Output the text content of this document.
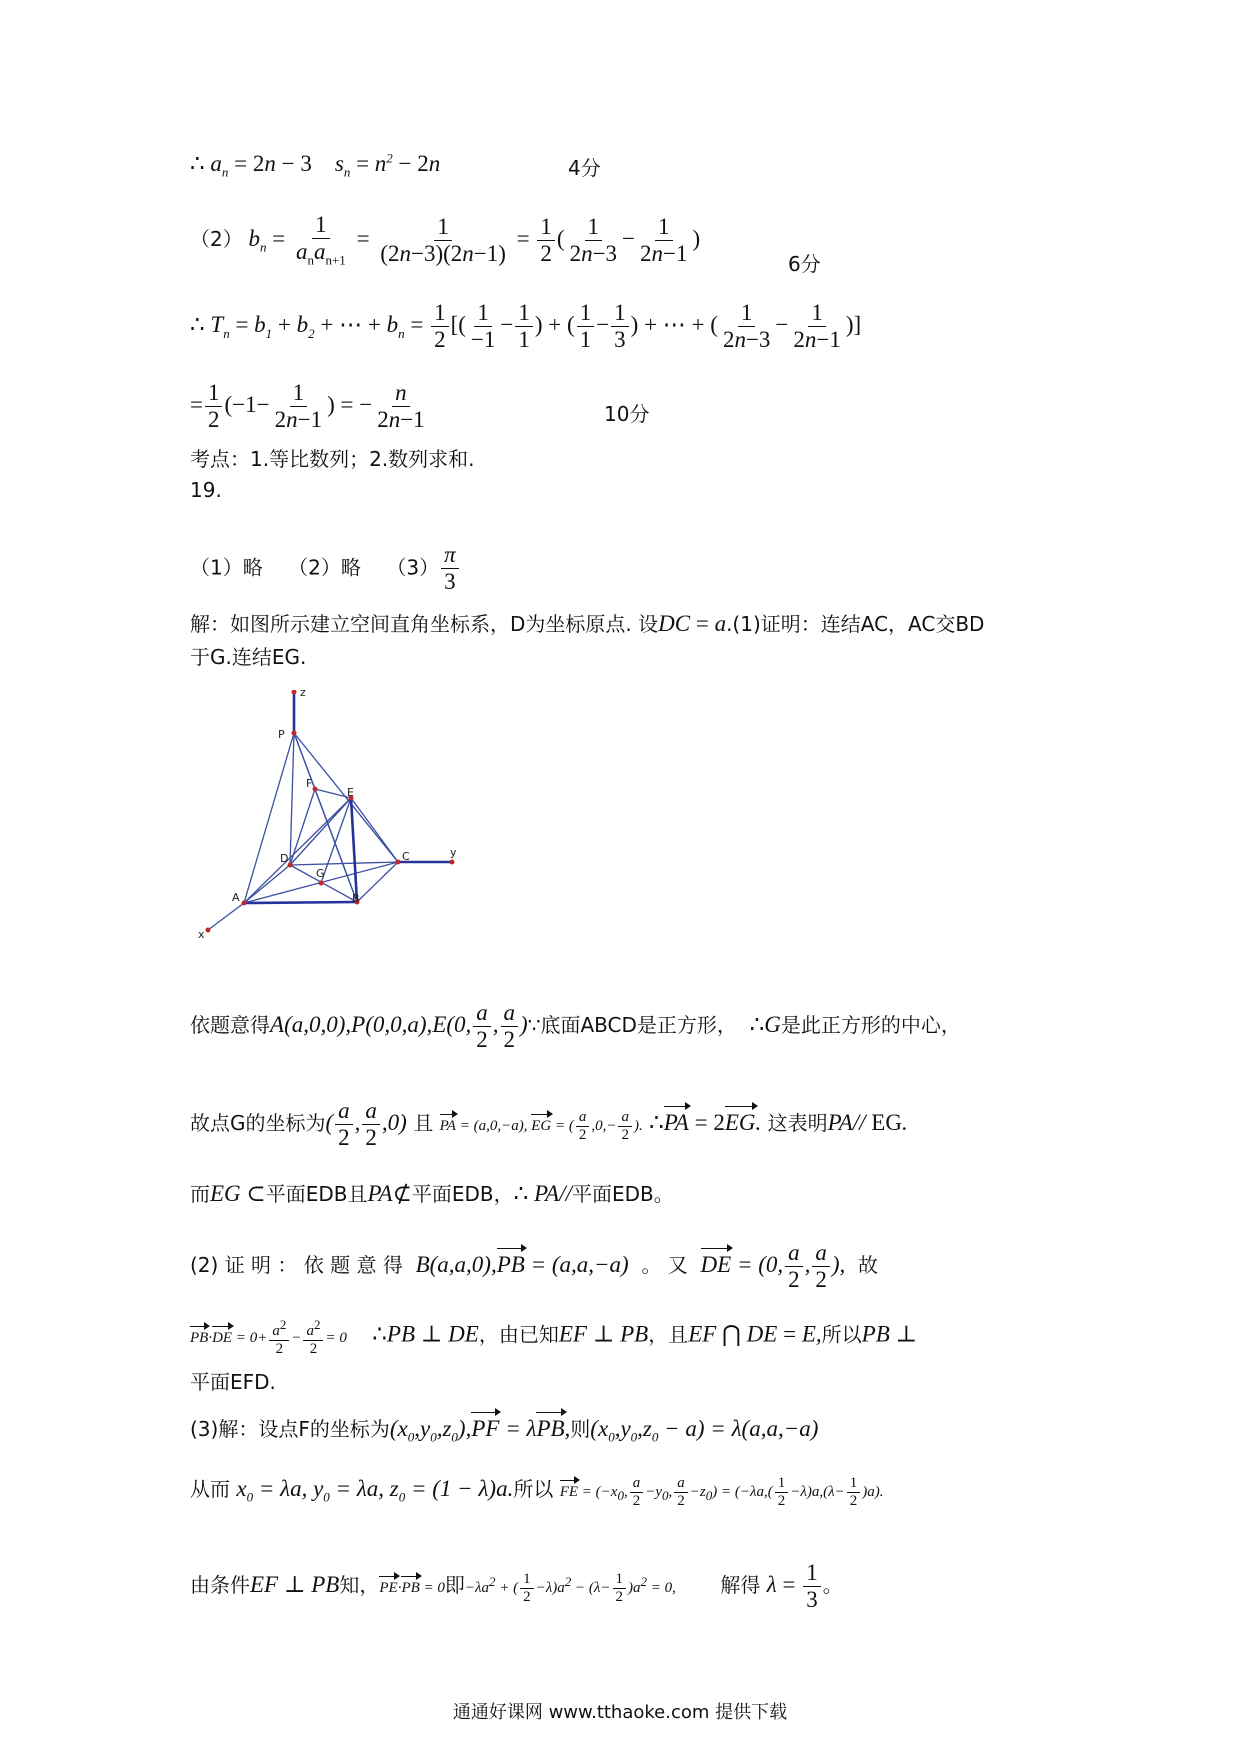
∴ $a_n = 2n - 3$ $s_n = n^2 - 2n$	4分
（2） $b_n = \frac{1}{a_na_{n+1}} = \frac{1}{(2n-3)(2n-1)} = \frac{1}{2}$ ( $\frac{1}{2n-3} - \frac{1}{2n-1}$ )
6分
∴ $T_n = b_1 + b_2$ + ⋯ + $b_n = \frac{1}{2}$ [( $\frac{1}{-1} - \frac{1}{1}$ ) + ( $\frac{1}{1} - \frac{1}{3}$ ) + ⋯ + ( $\frac{1}{2n-3} - \frac{1}{2n-1}$ )]
= $\frac{1}{2} (-1- \frac{1}{2n-1}$ ) = − $\frac{n}{2n-1}$	10分
考点：1.等比数列；2.数列求和.
19.
（1）略 （2）略 $(3) \frac{\pi}{3}$
解：如图所示建立空间直角坐标系，D为坐标原点. 设DC = a.(1)证明：连结AC，AC交BD
于G.连结EG.
z
P
F
E
D
G
C	y
A	B
x
依题意得A(a,0,0),P(0,0,a),E(0, $\frac{a}{2}$ , $\frac{a}{2}$ )∵底面ABCD是正方形， ∴G是此正方形的中心，
故点G的坐标为( $\frac{a}{2}$ , $\frac{a}{2} ,0$) 且 PA = (a,0,−a), EG = ( $\frac{a}{2} ,0,- \frac{a}{2}$ ). ∴PA = 2EG. 这表明PA// EG.
而EG ⊂平面EDB且PA⊄平面EDB，∴ PA//平面EDB。
(2) 证 明 ： 依 题 意 得 B(a,a,0),PB = (a,a,−a) 。 又 DE = (0, $\frac{a}{2}$ , $\frac{a}{2}$ ), 故
$PB\cdot DE = 0+ \frac{a^2}{2} - \frac{a^2}{2} = 0$ ∴PB ⊥ DE，由已知EF ⊥ PB，且EF ⋂ DE = E,所以PB ⊥
平面EFD.
(3)解：设点F的坐标为$(x_0,y_0,z_0),PF = \lambda PB$,则$(x_0,y_0,z_0 - a) = \lambda(a,a,-a)$
从而 $x_0 = \lambda a$, $y_0 = \lambda a$, $z_0 = (1 - \lambda)a$.所以 FE = ($-x_0$, $\frac{a}{2} -y_0$, $\frac{a}{2} -z_0) = (-\lambda a,( \frac{1}{2} -\lambda)a,(\lambda- \frac{1}{2} )a)$.
由条件EF ⊥ PB知，PE·PB = 0即$-\lambda a^2$ + ( $\frac{1}{2} -\lambda)a^2 - (\lambda- \frac{1}{2} )a^2 = 0$, 解得 $\lambda = \frac{1}{3}$ 。
通通好课网 www.tthaoke.com 提供下载
